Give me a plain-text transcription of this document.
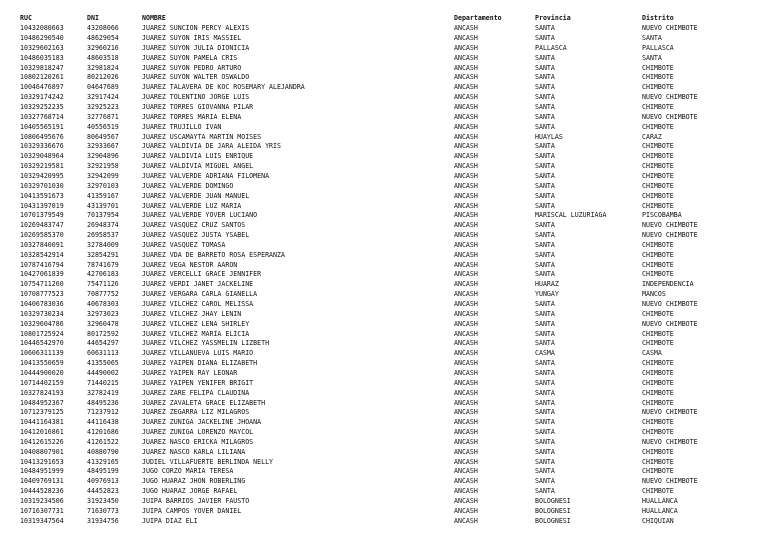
RUC	DNI	NOMBRE	Departamento	Provincia	Distrito
10432080663	43208066	JUAREZ SUNCION PERCY ALEXIS	ANCASH	SANTA	NUEVO CHIMBOTE
10486290540	48629054	JUAREZ SUYON IRIS MASSIEL	ANCASH	SANTA	SANTA
10329602163	32960216	JUAREZ SUYON JULIA DIONICIA	ANCASH	PALLASCA	PALLASCA
10486035183	48603518	JUAREZ SUYON PAMELA CRIS	ANCASH	SANTA	SANTA
10329818247	32981824	JUAREZ SUYON PEDRO ARTURO	ANCASH	SANTA	CHIMBOTE
10802120261	80212026	JUAREZ SUYON WALTER OSWALDO	ANCASH	SANTA	CHIMBOTE
10046476897	04647689	JUAREZ TALAVERA DE KOC ROSEMARY ALEJANDRA	ANCASH	SANTA	CHIMBOTE
10329174242	32917424	JUAREZ TOLENTINO JORGE LUIS	ANCASH	SANTA	NUEVO CHIMBOTE
10329252235	32925223	JUAREZ TORRES GIOVANNA PILAR	ANCASH	SANTA	CHIMBOTE
10327768714	32776871	JUAREZ TORRES MARIA ELENA	ANCASH	SANTA	NUEVO CHIMBOTE
10405565191	40556519	JUAREZ TRUJILLO IVAN	ANCASH	SANTA	CHIMBOTE
10806495676	80649567	JUAREZ USCAMAYTA MARTIN MOISES	ANCASH	HUAYLAS	CARAZ
10329336676	32933667	JUAREZ VALDIVIA DE JARA ALEIDA YRIS	ANCASH	SANTA	CHIMBOTE
10329048964	32904896	JUAREZ VALDIVIA LUIS ENRIQUE	ANCASH	SANTA	CHIMBOTE
10329219581	32921958	JUAREZ VALDIVIA MIGUEL ANGEL	ANCASH	SANTA	CHIMBOTE
10329420995	32942099	JUAREZ VALVERDE ADRIANA FILOMENA	ANCASH	SANTA	CHIMBOTE
10329701030	32970103	JUAREZ VALVERDE DOMINGO	ANCASH	SANTA	CHIMBOTE
10413591673	41359167	JUAREZ VALVERDE JUAN MANUEL	ANCASH	SANTA	CHIMBOTE
10431397019	43139701	JUAREZ VALVERDE LUZ MARIA	ANCASH	SANTA	CHIMBOTE
10701379549	70137954	JUAREZ VALVERDE YOVER LUCIANO	ANCASH	MARISCAL LUZURIAGA	PISCOBAMBA
10269483747	26948374	JUAREZ VASQUEZ CRUZ SANTOS	ANCASH	SANTA	NUEVO CHIMBOTE
10269585370	26958537	JUAREZ VASQUEZ JUSTA YSABEL	ANCASH	SANTA	NUEVO CHIMBOTE
10327840091	32784009	JUAREZ VASQUEZ TOMASA	ANCASH	SANTA	CHIMBOTE
10328542914	32854291	JUAREZ VDA DE BARRETO ROSA ESPERANZA	ANCASH	SANTA	CHIMBOTE
10787416794	78741679	JUAREZ VEGA NESTOR AARON	ANCASH	SANTA	CHIMBOTE
10427061839	42706183	JUAREZ VERCELLI GRACE JENNIFER	ANCASH	SANTA	CHIMBOTE
10754711260	75471126	JUAREZ VERDI JANET JACKELINE	ANCASH	HUARAZ	INDEPENDENCIA
10708777523	70877752	JUAREZ VERGARA CARLA GIANELLA	ANCASH	YUNGAY	MANCOS
10406783036	40678303	JUAREZ VILCHEZ CAROL MELISSA	ANCASH	SANTA	NUEVO CHIMBOTE
10329730234	32973023	JUAREZ VILCHEZ JHAY LENIN	ANCASH	SANTA	CHIMBOTE
10329604786	32960478	JUAREZ VILCHEZ LENA SHIRLEY	ANCASH	SANTA	NUEVO CHIMBOTE
10801725924	80172592	JUAREZ VILCHEZ MARIA ELICIA	ANCASH	SANTA	CHIMBOTE
10446542970	44654297	JUAREZ VILCHEZ YASSMELIN LIZBETH	ANCASH	SANTA	CHIMBOTE
10606311139	60631113	JUAREZ VILLANUEVA LUIS MARIO	ANCASH	CASMA	CASMA
10413550659	41355065	JUAREZ YAIPEN DIANA ELIZABETH	ANCASH	SANTA	CHIMBOTE
10444900020	44490002	JUAREZ YAIPEN RAY LEONAR	ANCASH	SANTA	CHIMBOTE
10714402159	71440215	JUAREZ YAIPEN YENIFER BRIGIT	ANCASH	SANTA	CHIMBOTE
10327824193	32782419	JUAREZ ZARE FELIPA CLAUDINA	ANCASH	SANTA	CHIMBOTE
10484952367	48495236	JUAREZ ZAVALETA GRACE ELIZABETH	ANCASH	SANTA	CHIMBOTE
10712379125	71237912	JUAREZ ZEGARRA LIZ MILAGROS	ANCASH	SANTA	NUEVO CHIMBOTE
10441164381	44116438	JUAREZ ZUÑIGA JACKELINE JHOANA	ANCASH	SANTA	CHIMBOTE
10412016861	41201686	JUAREZ ZUÑIGA LORENZO MAYCOL	ANCASH	SANTA	CHIMBOTE
10412615226	41261522	JUAREZ ÑASCO ERICKA MILAGROS	ANCASH	SANTA	NUEVO CHIMBOTE
10408807901	40880790	JUAREZ ÑASCO KARLA LILIANA	ANCASH	SANTA	CHIMBOTE
10413291653	41329165	JUDIEL VILLAFUERTE BERLINDA NELLY	ANCASH	SANTA	CHIMBOTE
10484951999	48495199	JUGO CORZO MARIA TERESA	ANCASH	SANTA	CHIMBOTE
10409769131	40976913	JUGO HUARAZ JHON ROBERLING	ANCASH	SANTA	NUEVO CHIMBOTE
10444528236	44452823	JUGO HUARAZ JORGE RAFAEL	ANCASH	SANTA	CHIMBOTE
10319234506	31923450	JUIPA BARRIOS JAVIER FAUSTO	ANCASH	BOLOGNESI	HUALLANCA
10716307731	71630773	JUIPA CAMPOS YOVER DANIEL	ANCASH	BOLOGNESI	HUALLANCA
10319347564	31934756	JUIPA DIAZ ELI	ANCASH	BOLOGNESI	CHIQUIAN
